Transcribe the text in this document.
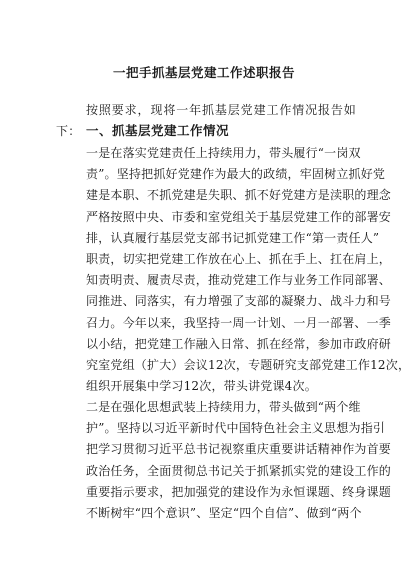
一把手抓基层党建工作述职报告
按照要求，现将一年抓基层党建工作情况报告如下： 一、抓基层党建工作情况
一是在落实党建责任上持续用力，带头履行“一岗双
责”。坚持把抓好党建作为最大的政绩，牢固树立抓好党
建是本职、不抓党建是失职、抓不好党建方是渎职的理念
严格按照中央、市委和室党组关于基层党建工作的部署安
排，认真履行基层党支部书记抓党建工作“第一责任人”
职责，切实把党建工作放在心上、抓在手上、扛在肩上，
知责明责、履责尽责，推动党建工作与业务工作同部署、
同推进、同落实，有力增强了支部的凝聚力、战斗力和号
召力。今年以来，我坚持一周一计划、一月一部署、一季
以小结，把党建工作融入日常、抓在经常，参加市政府研
究室党组（扩大）会议12次，专题研究支部党建工作12次，
组织开展集中学习12次，带头讲党课4次。
二是在强化思想武装上持续用力，带头做到“两个维
护”。坚持以习近平新时代中国特色社会主义思想为指引
把学习贯彻习近平总书记视察重庆重要讲话精神作为首要
政治任务，全面贯彻总书记关于抓紧抓实党的建设工作的
重要指示要求，把加强党的建设作为永恒课题、终身课题
不断树牢“四个意识”、坚定“四个自信”、做到“两个
